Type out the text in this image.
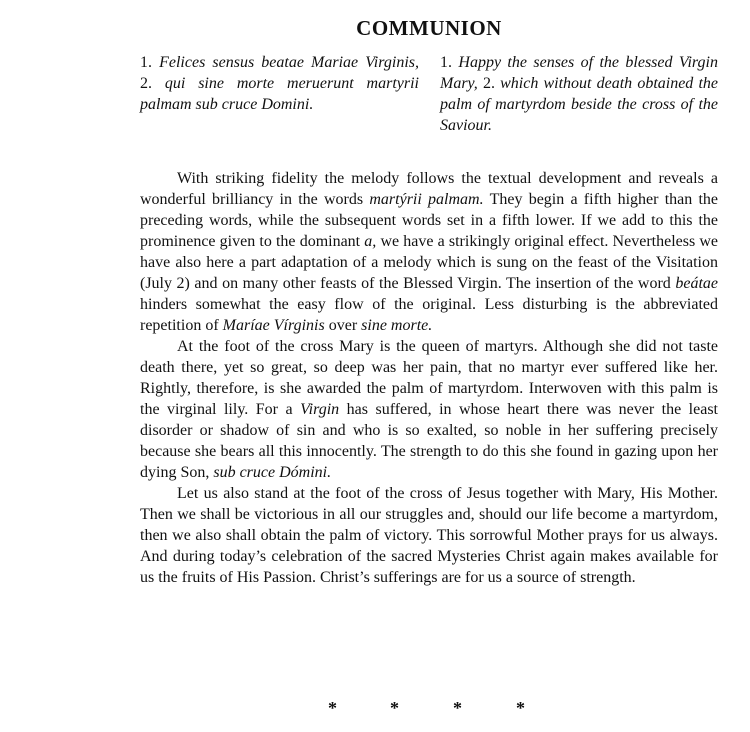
COMMUNION
1. Felices sensus beatae Mariae Virginis, 2. qui sine morte meruerunt martyrii palmam sub cruce Domini.
1. Happy the senses of the blessed Virgin Mary, 2. which without death obtained the palm of martyrdom beside the cross of the Saviour.

With striking fidelity the melody follows the textual development and reveals a wonderful brilliancy in the words martýrii palmam. They begin a fifth higher than the preceding words, while the subsequent words set in a fifth lower. If we add to this the prominence given to the dominant a, we have a strikingly original effect. Nevertheless we have also here a part adaptation of a melody which is sung on the feast of the Visitation (July 2) and on many other feasts of the Blessed Virgin. The insertion of the word beátae hinders somewhat the easy flow of the original. Less disturbing is the abbreviated repetition of Maríae Vírginis over sine morte.

At the foot of the cross Mary is the queen of martyrs. Although she did not taste death there, yet so great, so deep was her pain, that no martyr ever suffered like her. Rightly, therefore, is she awarded the palm of martyrdom. Interwoven with this palm is the virginal lily. For a Virgin has suffered, in whose heart there was never the least disorder or shadow of sin and who is so exalted, so noble in her suffering precisely because she bears all this innocently. The strength to do this she found in gazing upon her dying Son, sub cruce Dómini.

Let us also stand at the foot of the cross of Jesus together with Mary, His Mother. Then we shall be victorious in all our struggles and, should our life become a martyrdom, then we also shall obtain the palm of victory. This sorrowful Mother prays for us always. And during today’s celebration of the sacred Mysteries Christ again makes available for us the fruits of His Passion. Christ’s sufferings are for us a source of strength.

*	*	*	*
